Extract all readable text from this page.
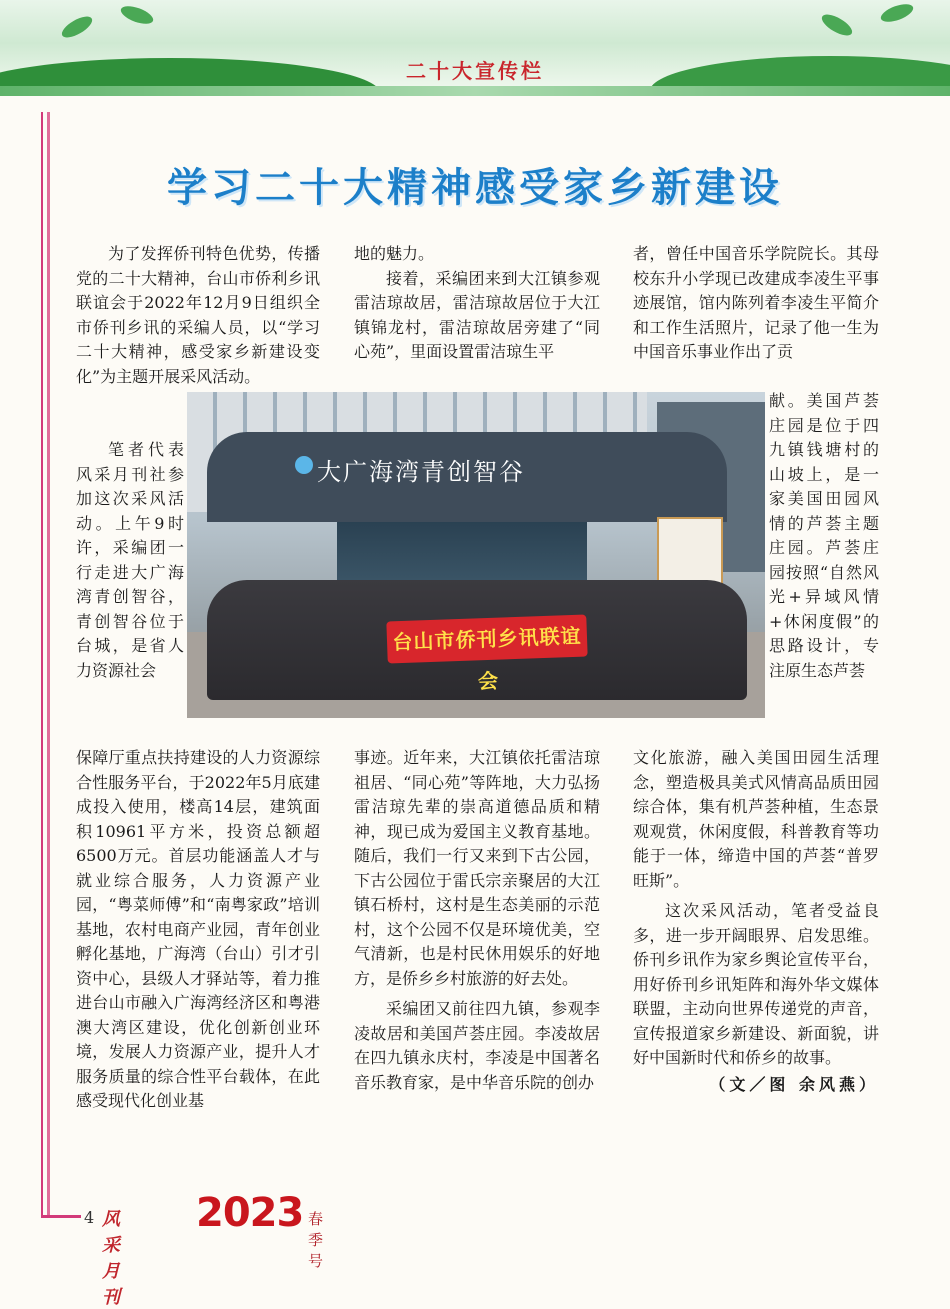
二十大宣传栏
学习二十大精神感受家乡新建设

为了发挥侨刊特色优势，传播党的二十大精神，台山市侨利乡讯联谊会于2022年12月9日组织全市侨刊乡讯的采编人员，以“学习二十大精神，感受家乡新建设变化”为主题开展采风活动。

笔者代表风采月刊社参加这次采风活动。上午9时许，采编团一行走进大广海湾青创智谷，青创智谷位于台城，是省人力资源社会

保障厅重点扶持建设的人力资源综合性服务平台，于2022年5月底建成投入使用，楼高14层，建筑面积10961平方米，投资总额超6500万元。首层功能涵盖人才与就业综合服务，人力资源产业园，“粤菜师傅”和“南粤家政”培训基地，农村电商产业园，青年创业孵化基地，广海湾（台山）引才引资中心，县级人才驿站等，着力推进台山市融入广海湾经济区和粤港澳大湾区建设，优化创新创业环境，发展人力资源产业，提升人才服务质量的综合性平台载体，在此感受现代化创业基

地的魅力。

接着，采编团来到大江镇参观雷洁琼故居，雷洁琼故居位于大江镇锦龙村，雷洁琼故居旁建了“同心苑”，里面设置雷洁琼生平

事迹。近年来，大江镇依托雷洁琼祖居、“同心苑”等阵地，大力弘扬雷洁琼先辈的崇高道德品质和精神，现已成为爱国主义教育基地。随后，我们一行又来到下古公园，下古公园位于雷氏宗亲聚居的大江镇石桥村，这村是生态美丽的示范村，这个公园不仅是环境优美，空气清新，也是村民休用娱乐的好地方，是侨乡乡村旅游的好去处。

采编团又前往四九镇，参观李凌故居和美国芦荟庄园。李凌故居在四九镇永庆村，李凌是中国著名音乐教育家，是中华音乐院的创办

者，曾任中国音乐学院院长。其母校东升小学现已改建成李凌生平事迹展馆，馆内陈列着李凌生平简介和工作生活照片，记录了他一生为中国音乐事业作出了贡

献。美国芦荟庄园是位于四九镇钱塘村的山坡上，是一家美国田园风情的芦荟主题庄园。芦荟庄园按照“自然风光+异域风情+休闲度假”的思路设计，专注原生态芦荟

文化旅游，融入美国田园生活理念，塑造极具美式风情高品质田园综合体，集有机芦荟种植，生态景观观赏，休闲度假，科普教育等功能于一体，缔造中国的芦荟“普罗旺斯”。

这次采风活动，笔者受益良多，进一步开阔眼界、启发思维。侨刊乡讯作为家乡舆论宣传平台，用好侨刊乡讯矩阵和海外华文媒体联盟，主动向世界传递党的声音，宣传报道家乡新建设、新面貌，讲好中国新时代和侨乡的故事。

（文／图 余风燕）

大广海湾青创智谷
台山市侨刊乡讯联谊会
4 风采月刊
2023 春季号
